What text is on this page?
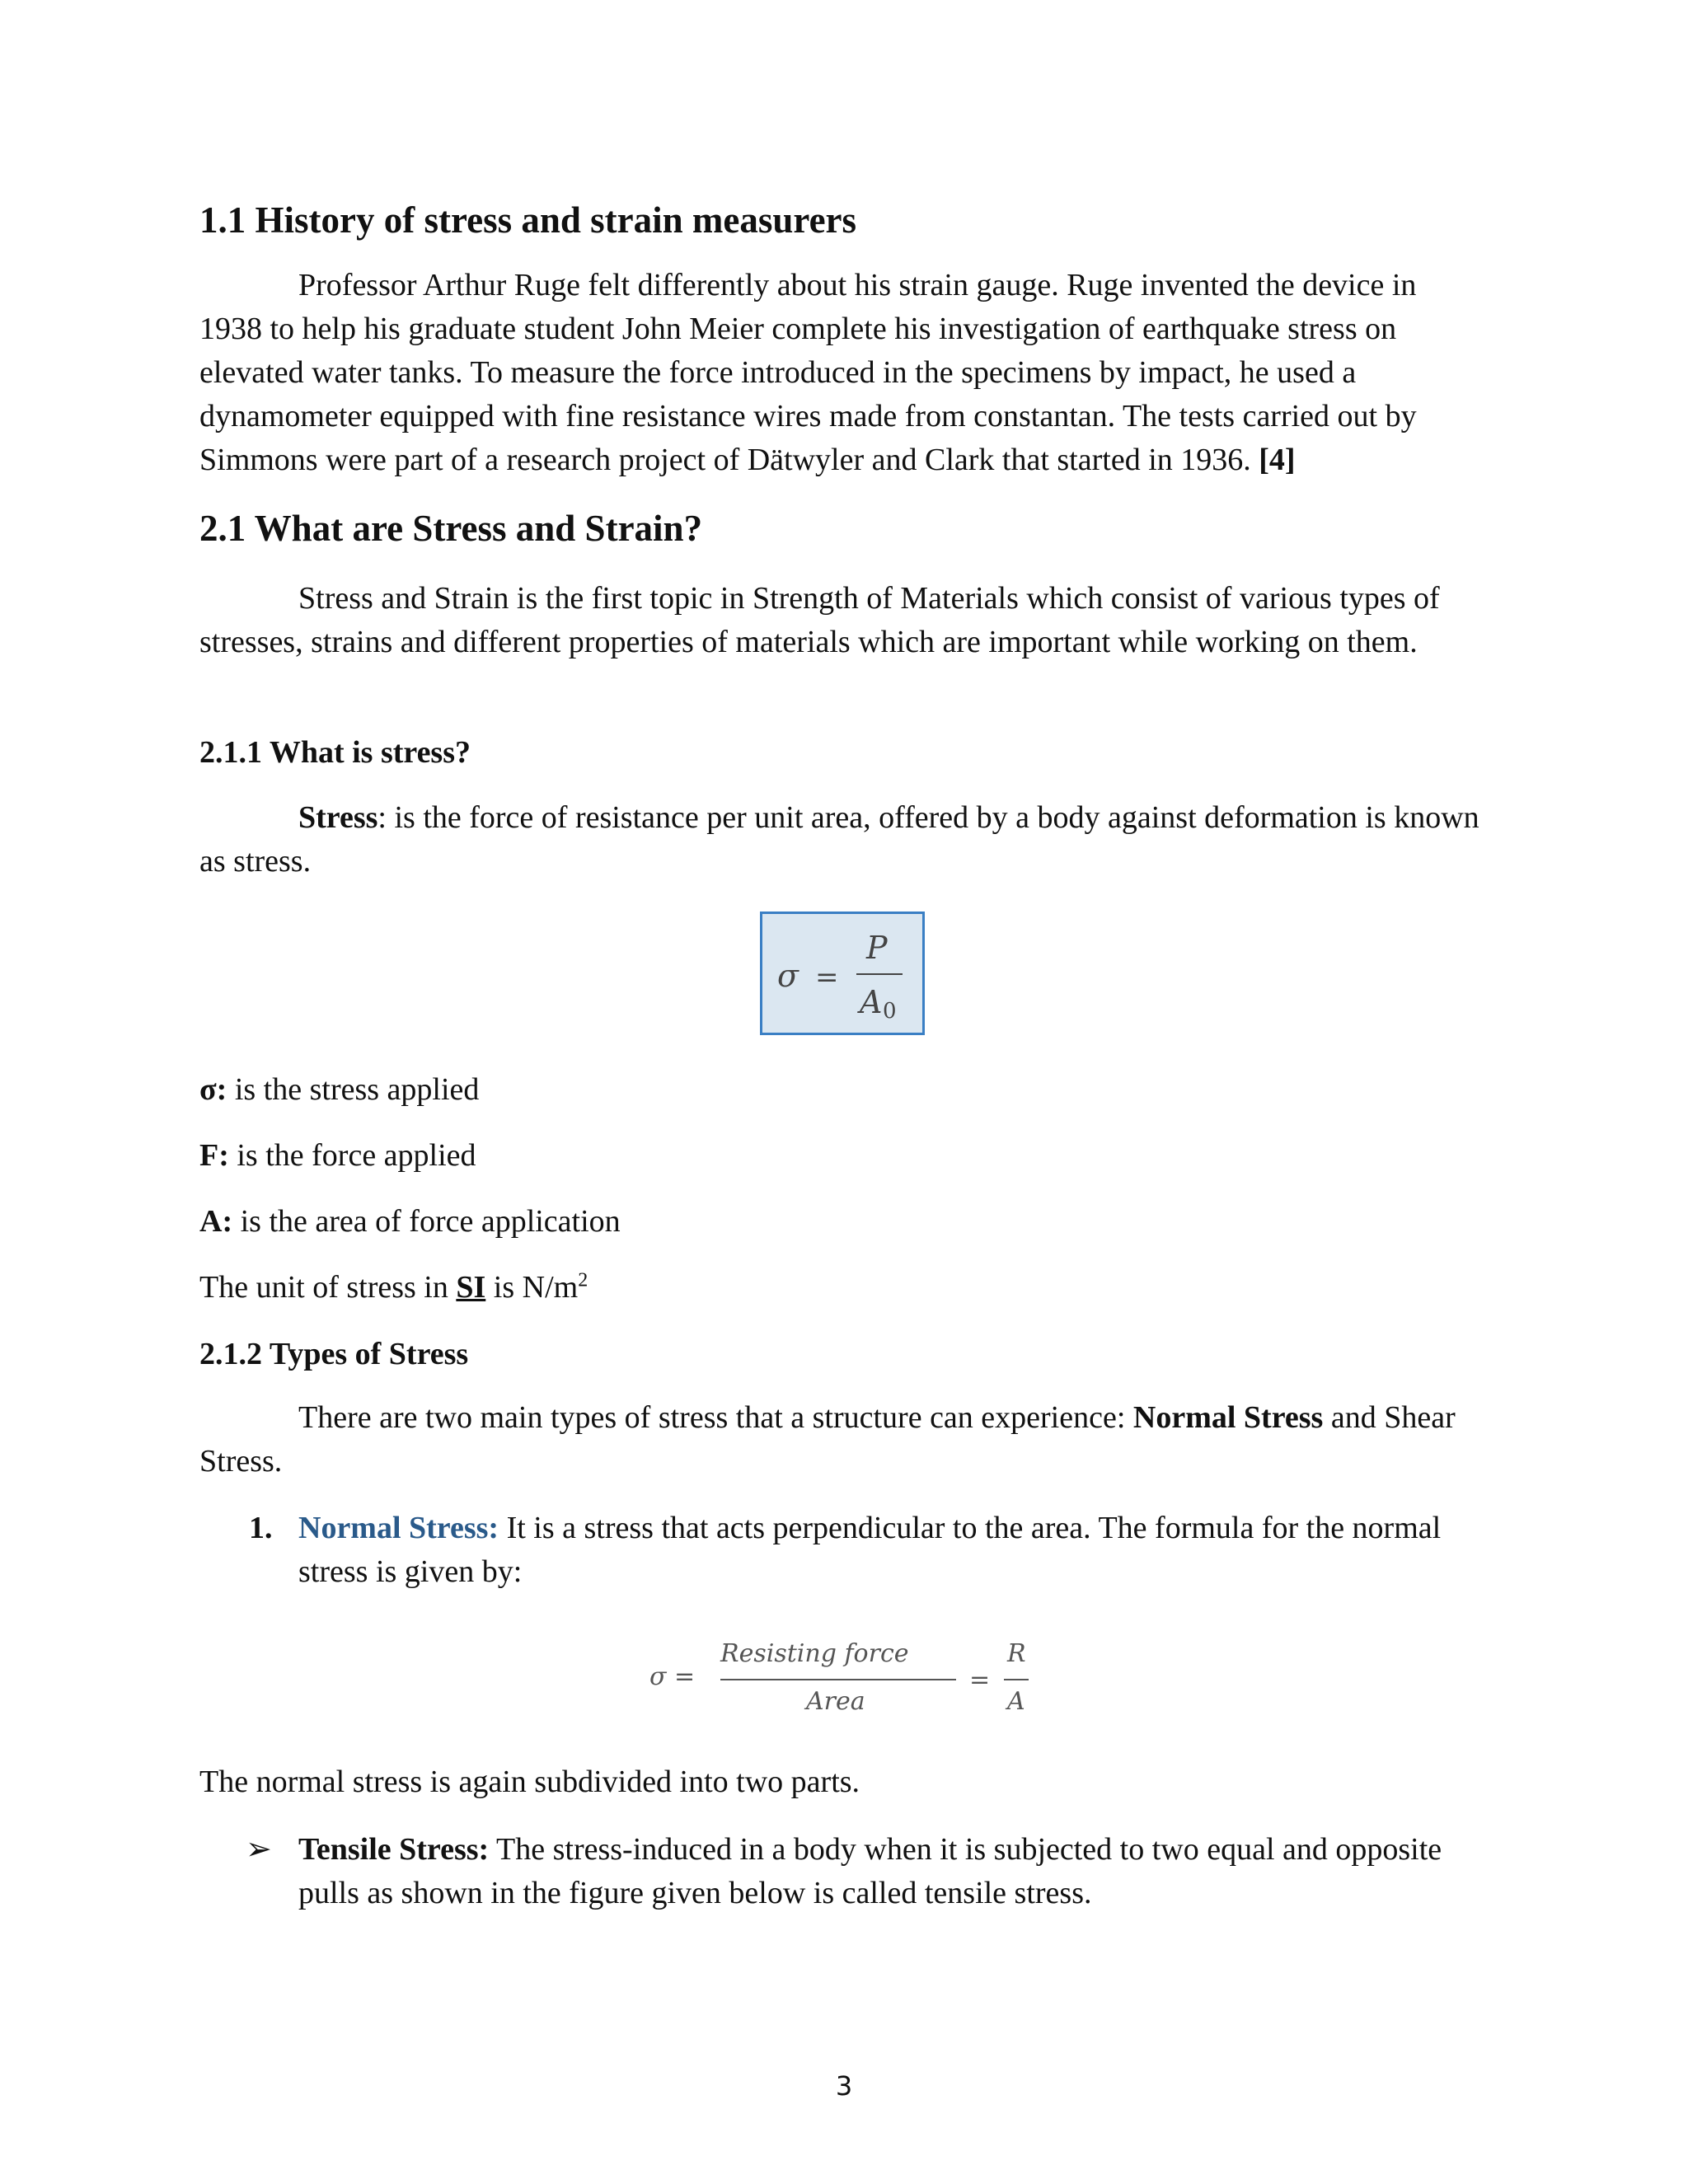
1.1 History of stress and strain measurers

Professor Arthur Ruge felt differently about his strain gauge. Ruge invented the device in 1938 to help his graduate student John Meier complete his investigation of earthquake stress on elevated water tanks. To measure the force introduced in the specimens by impact, he used a dynamometer equipped with fine resistance wires made from constantan. The tests carried out by Simmons were part of a research project of Dätwyler and Clark that started in 1936. [4]

2.1 What are Stress and Strain?

Stress and Strain is the first topic in Strength of Materials which consist of various types of stresses, strains and different properties of materials which are important while working on them.

2.1.1 What is stress?

Stress: is the force of resistance per unit area, offered by a body against deformation is known as stress.

σ =
P
A 0

σ: is the stress applied

F: is the force applied

A: is the area of force application

The unit of stress in SI is $N/m^2$

2.1.2 Types of Stress

There are two main types of stress that a structure can experience: Normal Stress and Shear Stress.

1. Normal Stress: It is a stress that acts perpendicular to the area. The formula for the normal stress is given by:

σ =
Resisting force
Area
=
R
A

The normal stress is again subdivided into two parts.

➢ Tensile Stress: The stress-induced in a body when it is subjected to two equal and opposite pulls as shown in the figure given below is called tensile stress.

3
